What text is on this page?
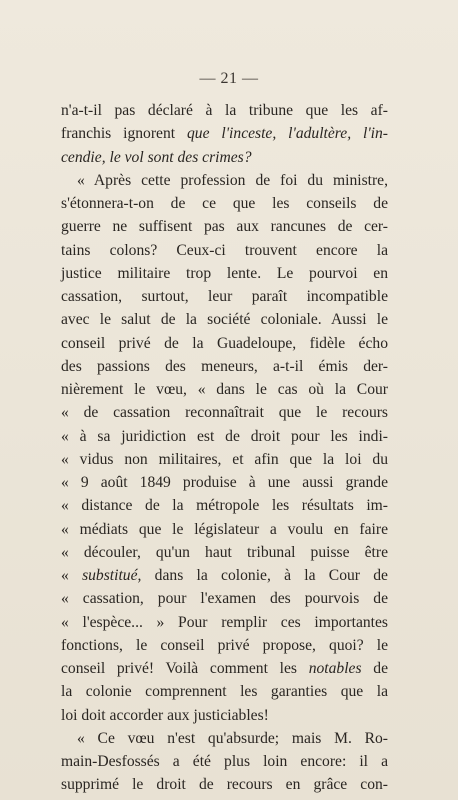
— 21 —
n'a-t-il pas déclaré à la tribune que les af-
franchis ignorent que l'inceste, l'adultère, l'in-
cendie, le vol sont des crimes?
« Après cette profession de foi du ministre,
s'étonnera-t-on de ce que les conseils de
guerre ne suffisent pas aux rancunes de cer-
tains colons? Ceux-ci trouvent encore la
justice militaire trop lente. Le pourvoi en
cassation, surtout, leur paraît incompatible
avec le salut de la société coloniale. Aussi le
conseil privé de la Guadeloupe, fidèle écho
des passions des meneurs, a-t-il émis der-
nièrement le vœu, « dans le cas où la Cour
« de cassation reconnaîtrait que le recours
« à sa juridiction est de droit pour les indi-
« vidus non militaires, et afin que la loi du
« 9 août 1849 produise à une aussi grande
« distance de la métropole les résultats im-
« médiats que le législateur a voulu en faire
« découler, qu'un haut tribunal puisse être
« substitué, dans la colonie, à la Cour de
« cassation, pour l'examen des pourvois de
« l'espèce... » Pour remplir ces importantes
fonctions, le conseil privé propose, quoi? le
conseil privé! Voilà comment les notables de
la colonie comprennent les garanties que la
loi doit accorder aux justiciables!
« Ce vœu n'est qu'absurde; mais M. Ro-
main-Desfossés a été plus loin encore: il a
supprimé le droit de recours en grâce con-
